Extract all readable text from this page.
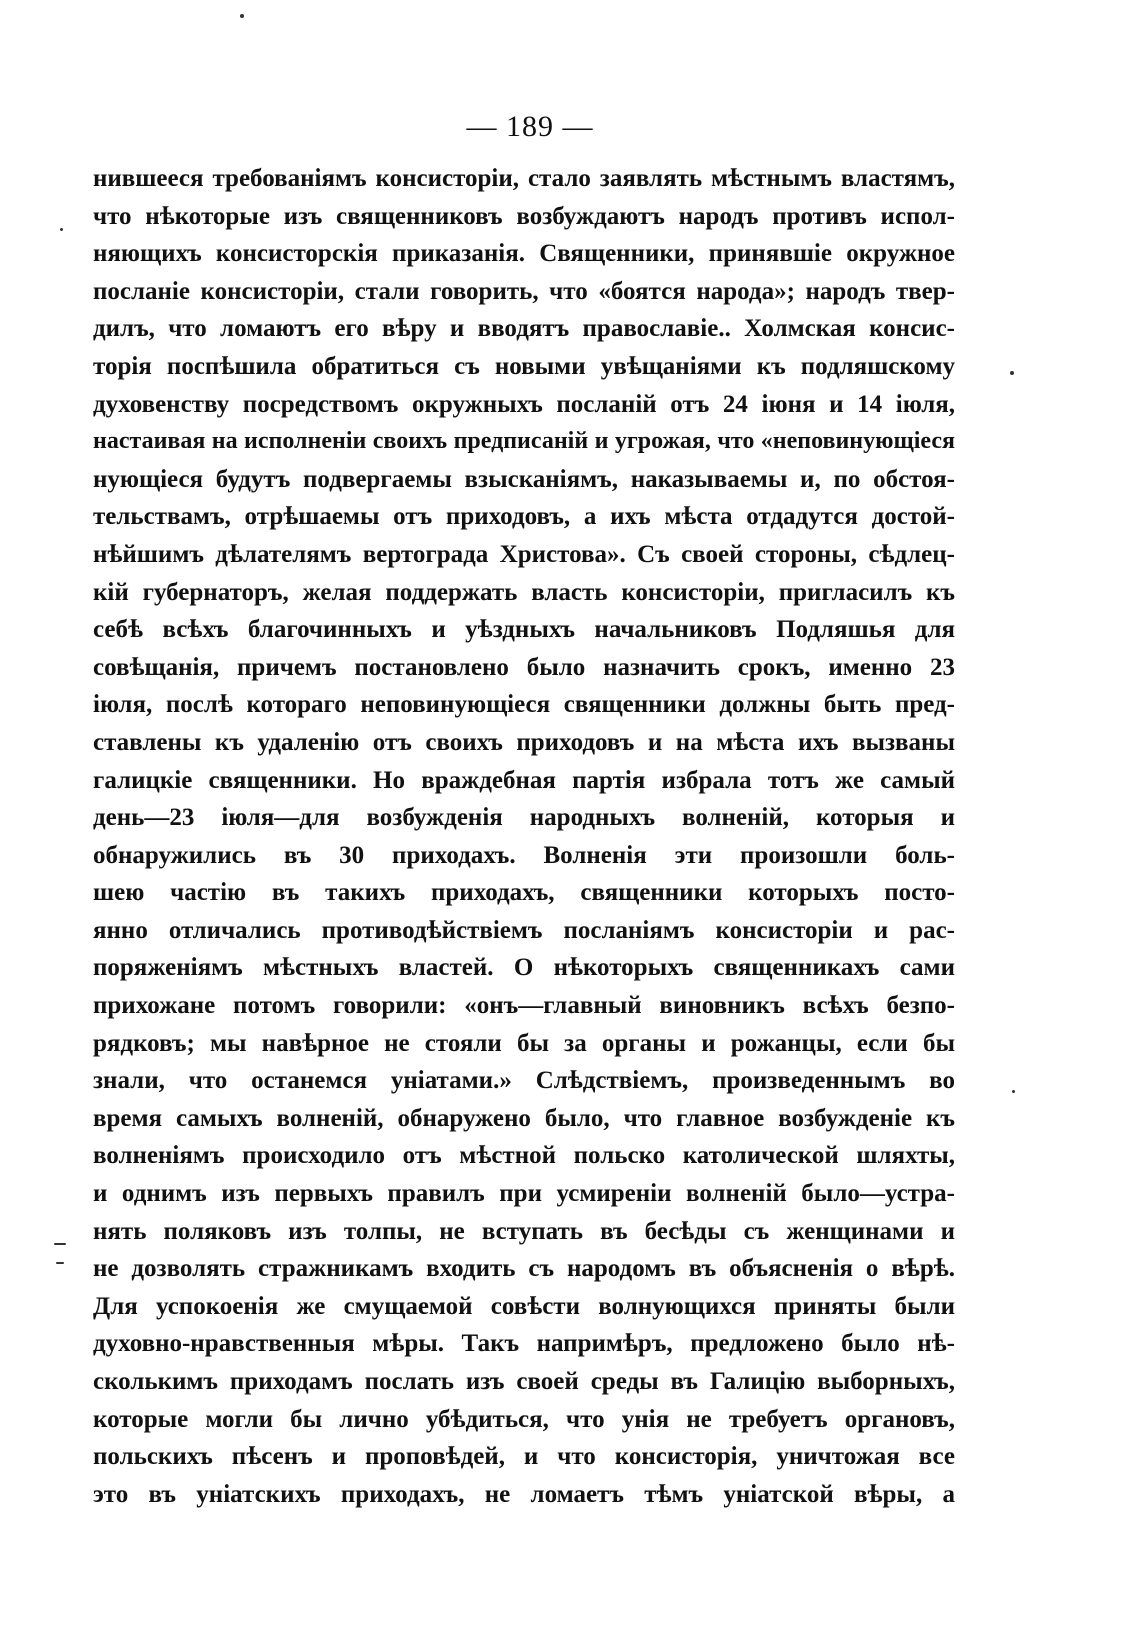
— 189 —
нившееся требованіямъ консисторіи, стало заявлять мѣстнымъ властямъ,
что нѣкоторые изъ священниковъ возбуждаютъ народъ противъ испол-
няющихъ консисторскія приказанія. Священники, принявшіе окружное
посланіе консисторіи, стали говорить, что «боятся народа»; народъ твер-
дилъ, что ломаютъ его вѣру и вводятъ православіе.. Холмская консис-
торія поспѣшила обратиться съ новыми увѣщаніями къ подляшскому
духовенству посредствомъ окружныхъ посланій отъ 24 іюня и 14 іюля,
настаивая на исполненіи своихъ предписаній и угрожая, что «неповинующіеся
нующіеся будутъ подвергаемы взысканіямъ, наказываемы и, по обстоя-
тельствамъ, отрѣшаемы отъ приходовъ, а ихъ мѣста отдадутся достой-
нѣйшимъ дѣлателямъ вертограда Христова». Съ своей стороны, сѣдлец-
кій губернаторъ, желая поддержать власть консисторіи, пригласилъ къ
себѣ всѣхъ благочинныхъ и уѣздныхъ начальниковъ Подляшья для
совѣщанія, причемъ постановлено было назначить срокъ, именно 23
іюля, послѣ котораго неповинующіеся священники должны быть пред-
ставлены къ удаленію отъ своихъ приходовъ и на мѣста ихъ вызваны
галицкіе священники. Но враждебная партія избрала тотъ же самый
день—23 іюля—для возбужденія народныхъ волненій, которыя и
обнаружились въ 30 приходахъ. Волненія эти произошли боль-
шею частію въ такихъ приходахъ, священники которыхъ посто-
янно отличались противодѣйствіемъ посланіямъ консисторіи и рас-
поряженіямъ мѣстныхъ властей. О нѣкоторыхъ священникахъ сами
прихожане потомъ говорили: «онъ—главный виновникъ всѣхъ безпо-
рядковъ; мы навѣрное не стояли бы за органы и рожанцы, если бы
знали, что останемся уніатами.» Слѣдствіемъ, произведеннымъ во
время самыхъ волненій, обнаружено было, что главное возбужденіе къ
волненіямъ происходило отъ мѣстной польско католической шляхты,
и однимъ изъ первыхъ правилъ при усмиреніи волненій было—устра-
нять поляковъ изъ толпы, не вступать въ бесѣды съ женщинами и
не дозволять стражникамъ входить съ народомъ въ объясненія о вѣрѣ.
Для успокоенія же смущаемой совѣсти волнующихся приняты были
духовно-нравственныя мѣры. Такъ напримѣръ, предложено было нѣ-
сколькимъ приходамъ послать изъ своей среды въ Галицію выборныхъ,
которые могли бы лично убѣдиться, что унія не требуетъ органовъ,
польскихъ пѣсенъ и проповѣдей, и что консисторія, уничтожая все
это въ уніатскихъ приходахъ, не ломаетъ тѣмъ уніатской вѣры, а
